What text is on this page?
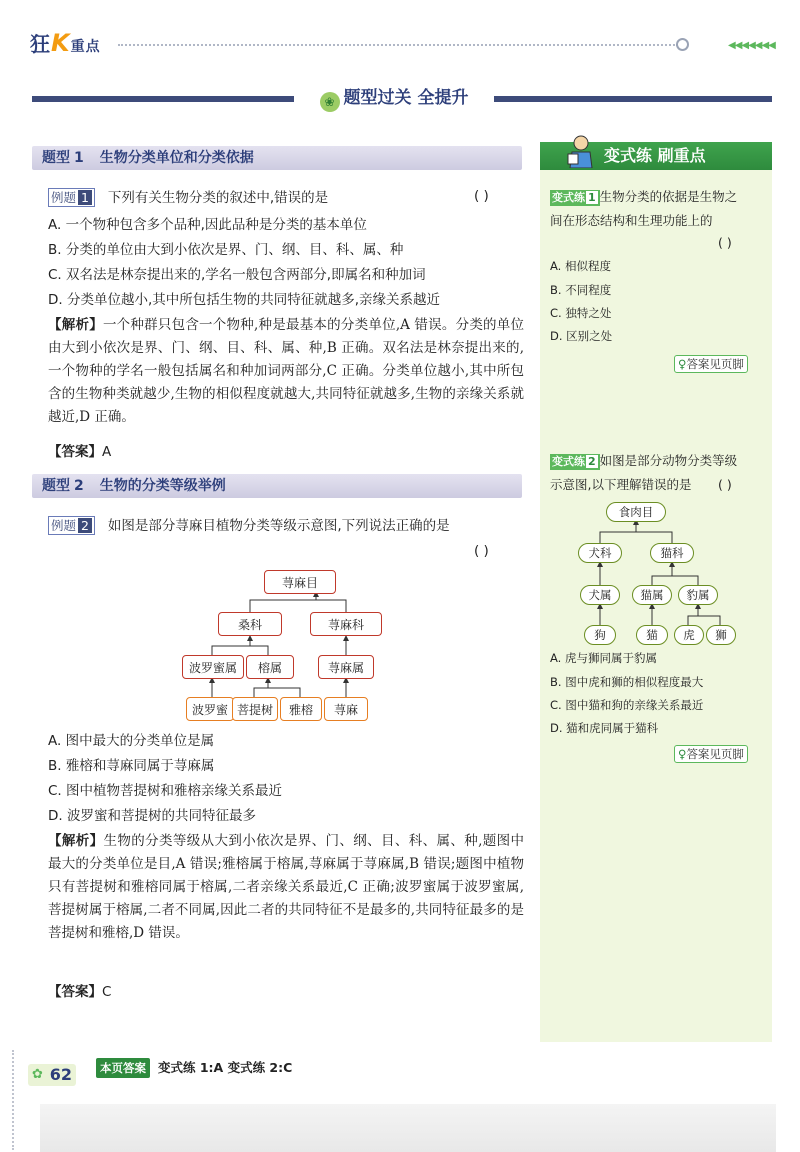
狂K重点	◀◀◀◀◀◀◀
❀ 题型过关 全提升
题型 1 生物分类单位和分类依据
例题 1 下列有关生物分类的叙述中,错误的是	( )
A. 一个物种包含多个品种,因此品种是分类的基本单位
B. 分类的单位由大到小依次是界、门、纲、目、科、属、种
C. 双名法是林奈提出来的,学名一般包含两部分,即属名和种加词
D. 分类单位越小,其中所包括生物的共同特征就越多,亲缘关系越近
【解析】一个种群只包含一个物种,种是最基本的分类单位,A 错误。分类的单位由大到小依次是界、门、纲、目、科、属、种,B 正确。双名法是林奈提出来的,一个物种的学名一般包括属名和种加词两部分,C 正确。分类单位越小,其中所包含的生物种类就越少,生物的相似程度就越大,共同特征就越多,生物的亲缘关系就越近,D 正确。
【答案】A
题型 2 生物的分类等级举例
例题 2 如图是部分荨麻目植物分类等级示意图,下列说法正确的是
( )
荨麻目
桑科	荨麻科
波罗蜜属	榕属	荨麻属
波罗蜜 菩提树	雅榕	荨麻
A. 图中最大的分类单位是属
B. 雅榕和荨麻同属于荨麻属
C. 图中植物菩提树和雅榕亲缘关系最近
D. 波罗蜜和菩提树的共同特征最多
【解析】生物的分类等级从大到小依次是界、门、纲、目、科、属、种,题图中最大的分类单位是目,A 错误;雅榕属于榕属,荨麻属于荨麻属,B 错误;题图中植物只有菩提树和雅榕同属于榕属,二者亲缘关系最近,C 正确;波罗蜜属于波罗蜜属,菩提树属于榕属,二者不同属,因此二者的共同特征不是最多的,共同特征最多的是菩提树和雅榕,D 错误。
【答案】C
变式练 刷重点
变式练 1 生物分类的依据是生物之
间在形态结构和生理功能上的
( )
A. 相似程度
B. 不同程度
C. 独特之处
D. 区别之处
♀答案见页脚
变式练 2 如图是部分动物分类等级
示意图,以下理解错误的是 ( )
食肉目
犬科	猫科
犬属	猫属	豹属
狗	猫	虎	狮
A. 虎与狮同属于豹属
B. 图中虎和狮的相似程度最大
C. 图中猫和狗的亲缘关系最近
D. 猫和虎同属于猫科
♀答案见页脚
✿ 62	本页答案 变式练 1:A 变式练 2:C
